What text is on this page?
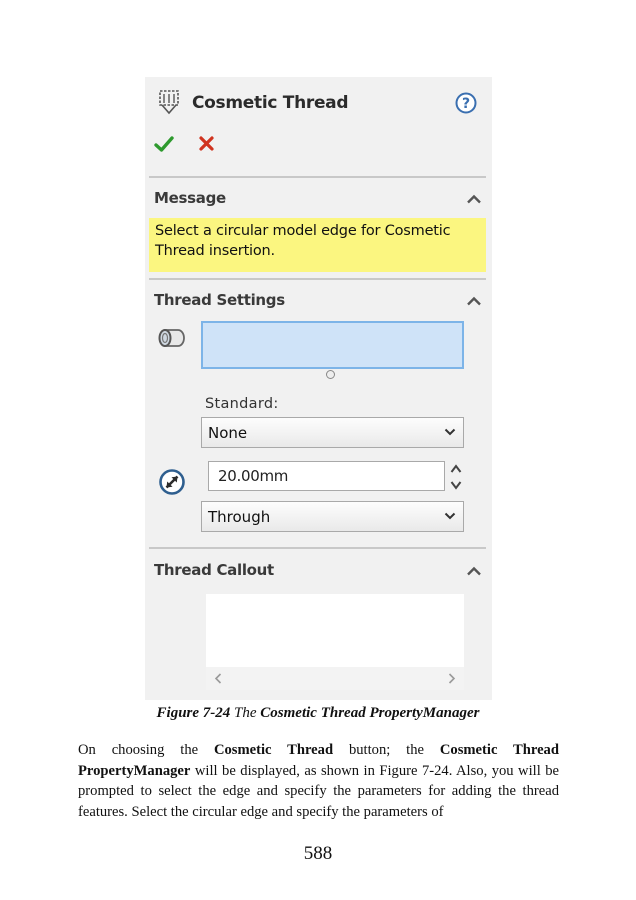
Cosmetic Thread	?
Message
Select a circular model edge for Cosmetic Thread insertion.
Thread Settings
Standard:
None
20.00mm
Through
Thread Callout
Figure 7-24 The Cosmetic Thread PropertyManager

On choosing the Cosmetic Thread button; the Cosmetic Thread PropertyManager will be displayed, as shown in Figure 7-24. Also, you will be prompted to select the edge and specify the parameters for adding the thread features. Select the circular edge and specify the parameters of

588
